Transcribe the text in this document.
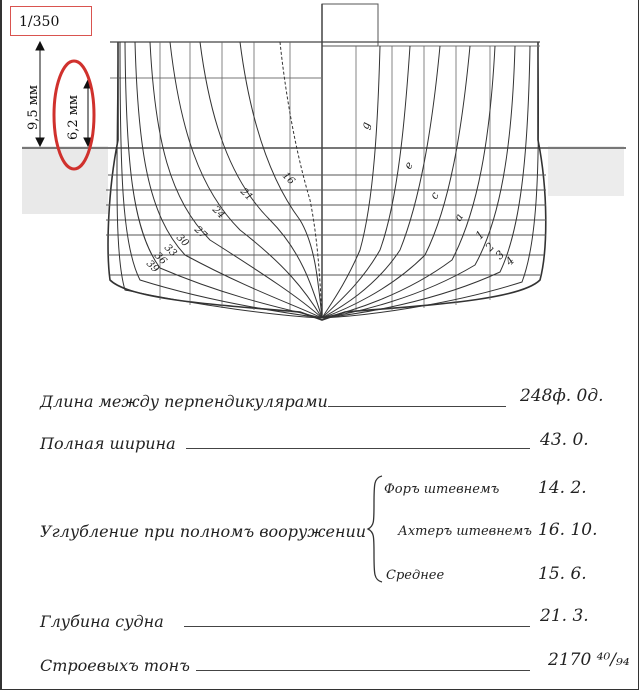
16
21
24
27
30
33
36
39
g
e
c
a
1
2
3
4
1/350
9,5 мм 6,2 мм
Длина между перпендикулярами	248ф. 0д.
Полная ширина	43. 0.
Углубление при полномъ вооружении
Форъ штевнемъ 14. 2.
Ахтеръ штевнемъ 16. 10.
Среднее	15. 6.
Глубина судна	21. 3.
Строевыхъ тонъ	2170 ⁴⁰/₉₄
